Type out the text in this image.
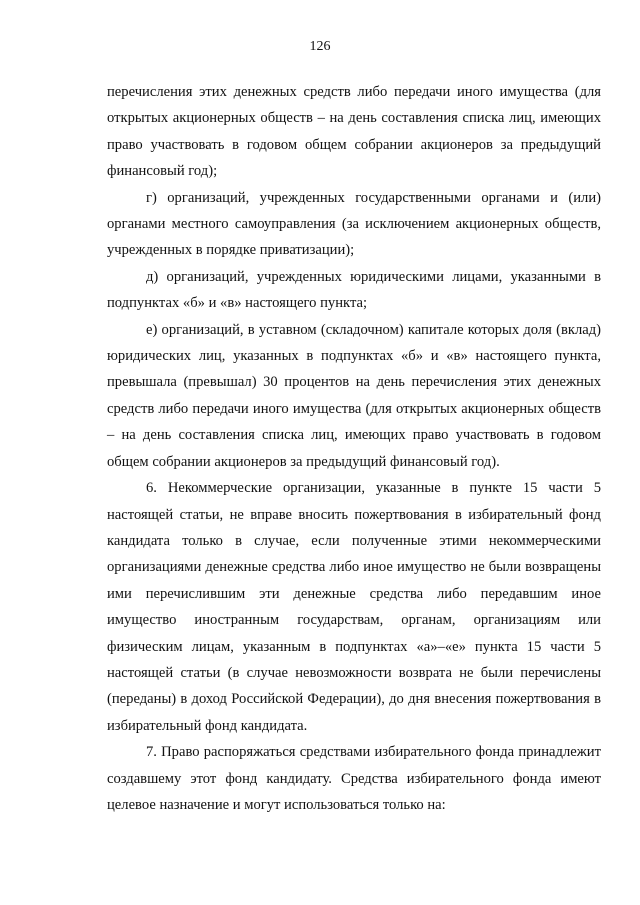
126

перечисления этих денежных средств либо передачи иного имущества (для открытых акционерных обществ – на день составления списка лиц, имеющих право участвовать в годовом общем собрании акционеров за предыдущий финансовый год);

г) организаций, учрежденных государственными органами и (или) органами местного самоуправления (за исключением акционерных обществ, учрежденных в порядке приватизации);

д) организаций, учрежденных юридическими лицами, указанными в подпунктах «б» и «в» настоящего пункта;

е) организаций, в уставном (складочном) капитале которых доля (вклад) юридических лиц, указанных в подпунктах «б» и «в» настоящего пункта, превышала (превышал) 30 процентов на день перечисления этих денежных средств либо передачи иного имущества (для открытых акционерных обществ – на день составления списка лиц, имеющих право участвовать в годовом общем собрании акционеров за предыдущий финансовый год).

6. Некоммерческие организации, указанные в пункте 15 части 5 настоящей статьи, не вправе вносить пожертвования в избирательный фонд кандидата только в случае, если полученные этими некоммерческими организациями денежные средства либо иное имущество не были возвращены ими перечислившим эти денежные средства либо передавшим иное имущество иностранным государствам, органам, организациям или физическим лицам, указанным в подпунктах «а»–«е» пункта 15 части 5 настоящей статьи (в случае невозможности возврата не были перечислены (переданы) в доход Российской Федерации), до дня внесения пожертвования в избирательный фонд кандидата.

7. Право распоряжаться средствами избирательного фонда принадлежит создавшему этот фонд кандидату. Средства избирательного фонда имеют целевое назначение и могут использоваться только на:
